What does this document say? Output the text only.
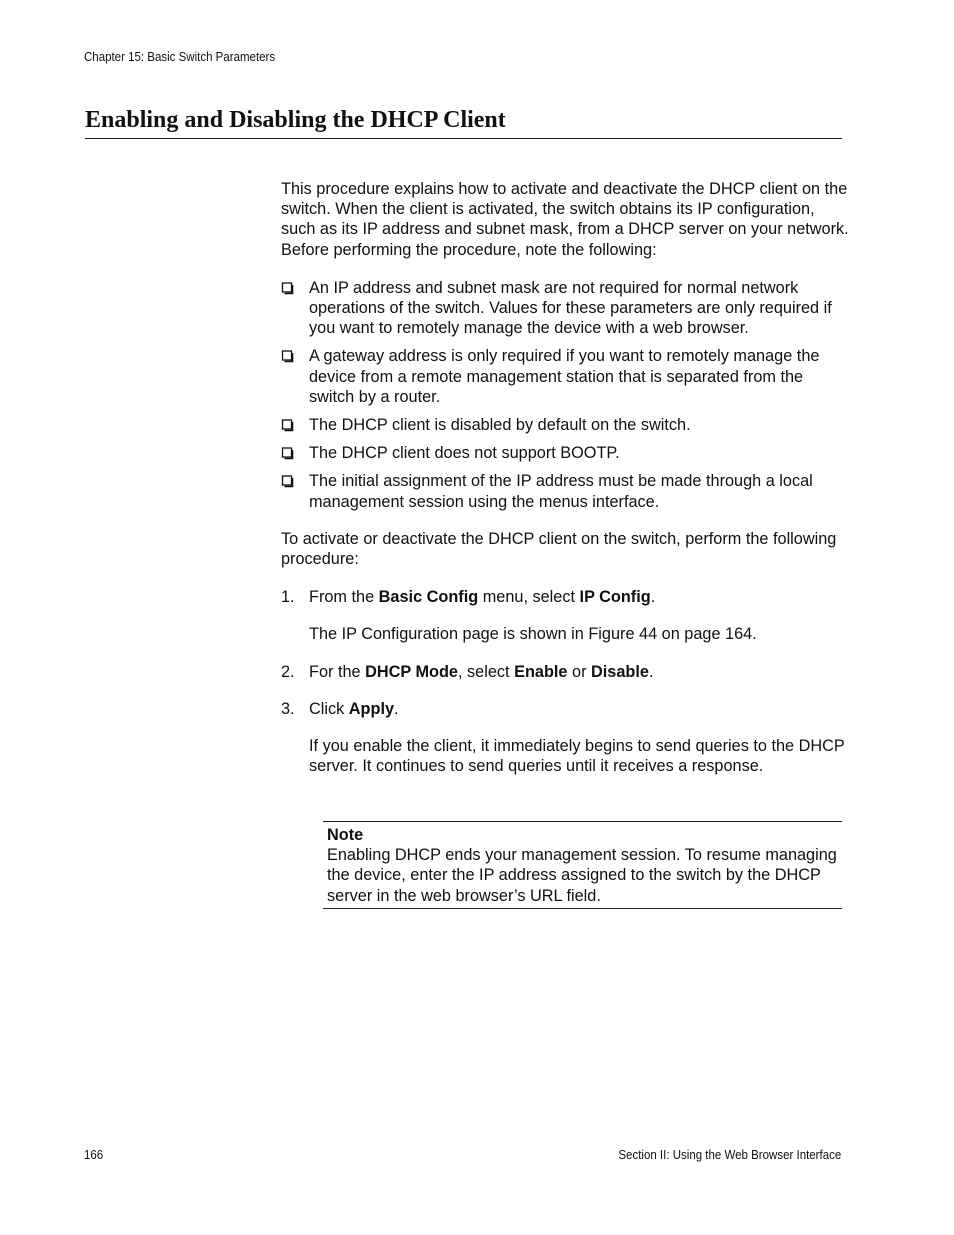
Chapter 15: Basic Switch Parameters
Enabling and Disabling the DHCP Client

This procedure explains how to activate and deactivate the DHCP client on the switch. When the client is activated, the switch obtains its IP configuration, such as its IP address and subnet mask, from a DHCP server on your network. Before performing the procedure, note the following:

An IP address and subnet mask are not required for normal network operations of the switch. Values for these parameters are only required if you want to remotely manage the device with a web browser.
A gateway address is only required if you want to remotely manage the device from a remote management station that is separated from the switch by a router.
The DHCP client is disabled by default on the switch.
The DHCP client does not support BOOTP.
The initial assignment of the IP address must be made through a local management session using the menus interface.

To activate or deactivate the DHCP client on the switch, perform the following procedure:

1. From the Basic Config menu, select IP Config.

The IP Configuration page is shown in Figure 44 on page 164.

2. For the DHCP Mode, select Enable or Disable.

3. Click Apply.

If you enable the client, it immediately begins to send queries to the DHCP server. It continues to send queries until it receives a response.

Note
Enabling DHCP ends your management session. To resume managing the device, enter the IP address assigned to the switch by the DHCP server in the web browser’s URL field.
166	Section II: Using the Web Browser Interface
